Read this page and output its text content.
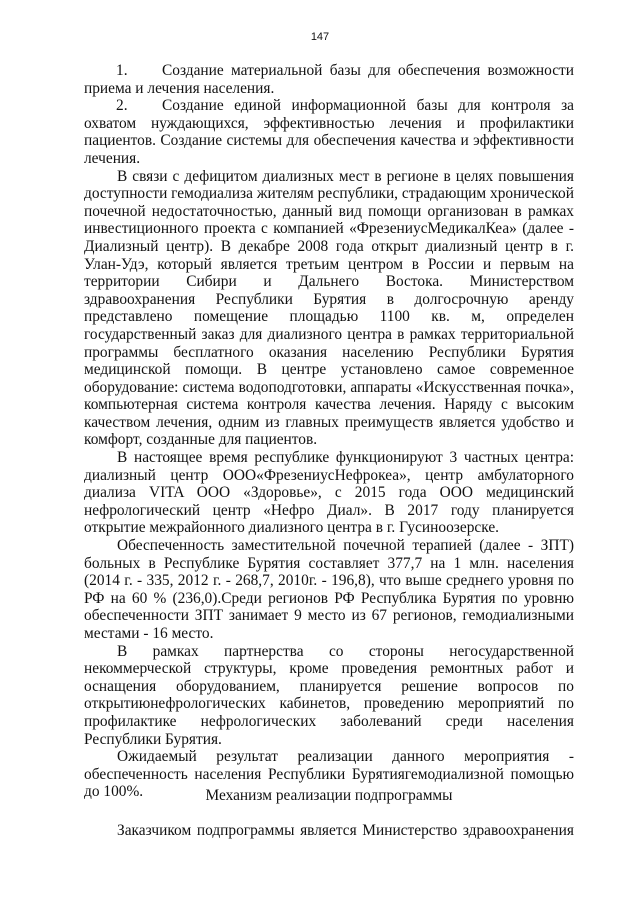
147

1. Создание материальной базы для обеспечения возможности приема и лечения населения.

2. Создание единой информационной базы для контроля за охватом нуждающихся, эффективностью лечения и профилактики пациентов. Создание системы для обеспечения качества и эффективности лечения.

В связи с дефицитом диализных мест в регионе в целях повышения доступности гемодиализа жителям республики, страдающим хронической почечной недостаточностью, данный вид помощи организован в рамках инвестиционного проекта с компанией «ФрезениусМедикалКеа» (далее - Диализный центр). В декабре 2008 года открыт диализный центр в г. Улан-Удэ, который является третьим центром в России и первым на территории Сибири и Дальнего Востока. Министерством здравоохранения Республики Бурятия в долгосрочную аренду представлено помещение площадью 1100 кв. м, определен государственный заказ для диализного центра в рамках территориальной программы бесплатного оказания населению Республики Бурятия медицинской помощи. В центре установлено самое современное оборудование: система водоподготовки, аппараты «Искусственная почка», компьютерная система контроля качества лечения. Наряду с высоким качеством лечения, одним из главных преимуществ является удобство и комфорт, созданные для пациентов.

В настоящее время республике функционируют 3 частных центра: диализный центр ООО«ФрезениусНефрокеа», центр амбулаторного диализа VITA ООО «Здоровье», с 2015 года ООО медицинский нефрологический центр «Нефро Диал». В 2017 году планируется открытие межрайонного диализного центра в г. Гусиноозерске.

Обеспеченность заместительной почечной терапией (далее - ЗПТ) больных в Республике Бурятия составляет 377,7 на 1 млн. населения (2014 г. - 335, 2012 г. - 268,7, 2010г. - 196,8), что выше среднего уровня по РФ на 60 % (236,0).Среди регионов РФ Республика Бурятия по уровню обеспеченности ЗПТ занимает 9 место из 67 регионов, гемодиализными местами - 16 место.

В рамках партнерства со стороны негосударственной некоммерческой структуры, кроме проведения ремонтных работ и оснащения оборудованием, планируется решение вопросов по открытиюнефрологических кабинетов, проведению мероприятий по профилактике нефрологических заболеваний среди населения Республики Бурятия.

Ожидаемый результат реализации данного мероприятия - обеспеченность населения Республики Бурятиягемодиализной помощью до 100%.	Механизм реализации подпрограммы
Заказчиком подпрограммы является Министерство здравоохранения
